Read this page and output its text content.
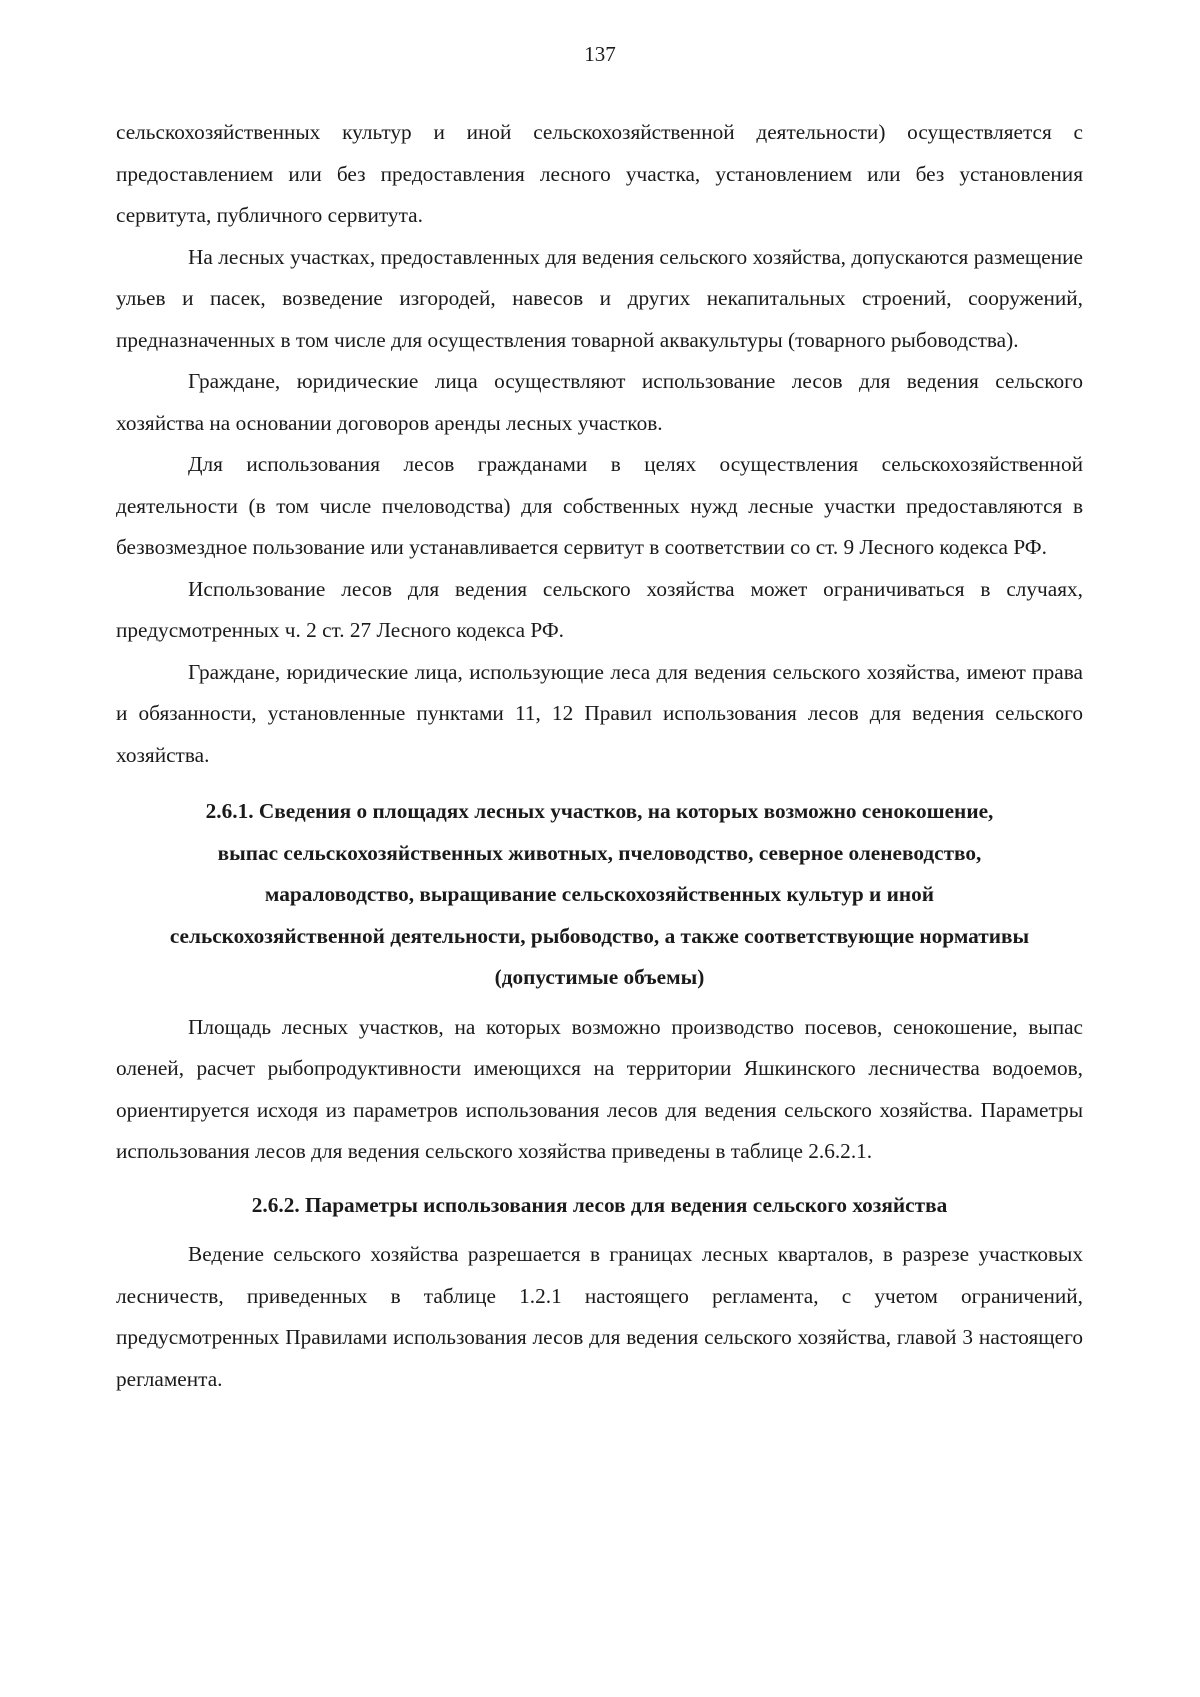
137

сельскохозяйственных культур и иной сельскохозяйственной деятельности) осуществляется с предоставлением или без предоставления лесного участка, установлением или без установления сервитута, публичного сервитута.

На лесных участках, предоставленных для ведения сельского хозяйства, допускаются размещение ульев и пасек, возведение изгородей, навесов и других некапитальных строений, сооружений, предназначенных в том числе для осуществления товарной аквакультуры (товарного рыбоводства).

Граждане, юридические лица осуществляют использование лесов для ведения сельского хозяйства на основании договоров аренды лесных участков.

Для использования лесов гражданами в целях осуществления сельскохозяйственной деятельности (в том числе пчеловодства) для собственных нужд лесные участки предоставляются в безвозмездное пользование или устанавливается сервитут в соответствии со ст. 9 Лесного кодекса РФ.

Использование лесов для ведения сельского хозяйства может ограничиваться в случаях, предусмотренных ч. 2 ст. 27 Лесного кодекса РФ.

Граждане, юридические лица, использующие леса для ведения сельского хозяйства, имеют права и обязанности, установленные пунктами 11, 12 Правил использования лесов для ведения сельского хозяйства.

2.6.1. Сведения о площадях лесных участков, на которых возможно сенокошение,
выпас сельскохозяйственных животных, пчеловодство, северное оленеводство,
мараловодство, выращивание сельскохозяйственных культур и иной
сельскохозяйственной деятельности, рыбоводство, а также соответствующие нормативы
(допустимые объемы)

Площадь лесных участков, на которых возможно производство посевов, сенокошение, выпас оленей, расчет рыбопродуктивности имеющихся на территории Яшкинского лесничества водоемов, ориентируется исходя из параметров использования лесов для ведения сельского хозяйства. Параметры использования лесов для ведения сельского хозяйства приведены в таблице 2.6.2.1.

2.6.2. Параметры использования лесов для ведения сельского хозяйства

Ведение сельского хозяйства разрешается в границах лесных кварталов, в разрезе участковых лесничеств, приведенных в таблице 1.2.1 настоящего регламента, с учетом ограничений, предусмотренных Правилами использования лесов для ведения сельского хозяйства, главой 3 настоящего регламента.
